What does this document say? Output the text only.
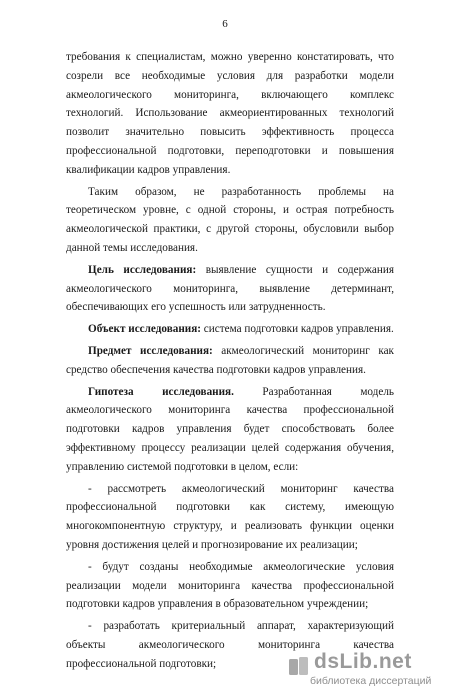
6

требования к специалистам, можно уверенно констатировать, что созрели все необходимые условия для разработки модели акмеологического мониторинга, включающего комплекс технологий. Использование акмеориентированных технологий позволит значительно повысить эффективность процесса профессиональной подготовки, переподготовки и повышения квалификации кадров управления.

Таким образом, не разработанность проблемы на теоретическом уровне, с одной стороны, и острая потребность акмеологической практики, с другой стороны, обусловили выбор данной темы исследования.

Цель исследования: выявление сущности и содержания акмеологического мониторинга, выявление детерминант, обеспечивающих его успешность или затрудненность.

Объект исследования: система подготовки кадров управления.

Предмет исследования: акмеологический мониторинг как средство обеспечения качества подготовки кадров управления.

Гипотеза исследования. Разработанная модель акмеологического мониторинга качества профессиональной подготовки кадров управления будет способствовать более эффективному процессу реализации целей содержания обучения, управлению системой подготовки в целом, если:

- рассмотреть акмеологический мониторинг качества профессиональной подготовки как систему, имеющую многокомпонентную структуру, и реализовать функции оценки уровня достижения целей и прогнозирование их реализации;

- будут созданы необходимые акмеологические условия реализации модели мониторинга качества профессиональной подготовки кадров управления в образовательном учреждении;

- разработать критериальный аппарат, характеризующий объекты акмеологического мониторинга качества профессиональной подготовки;	dsLib.net
библиотека диссертаций
